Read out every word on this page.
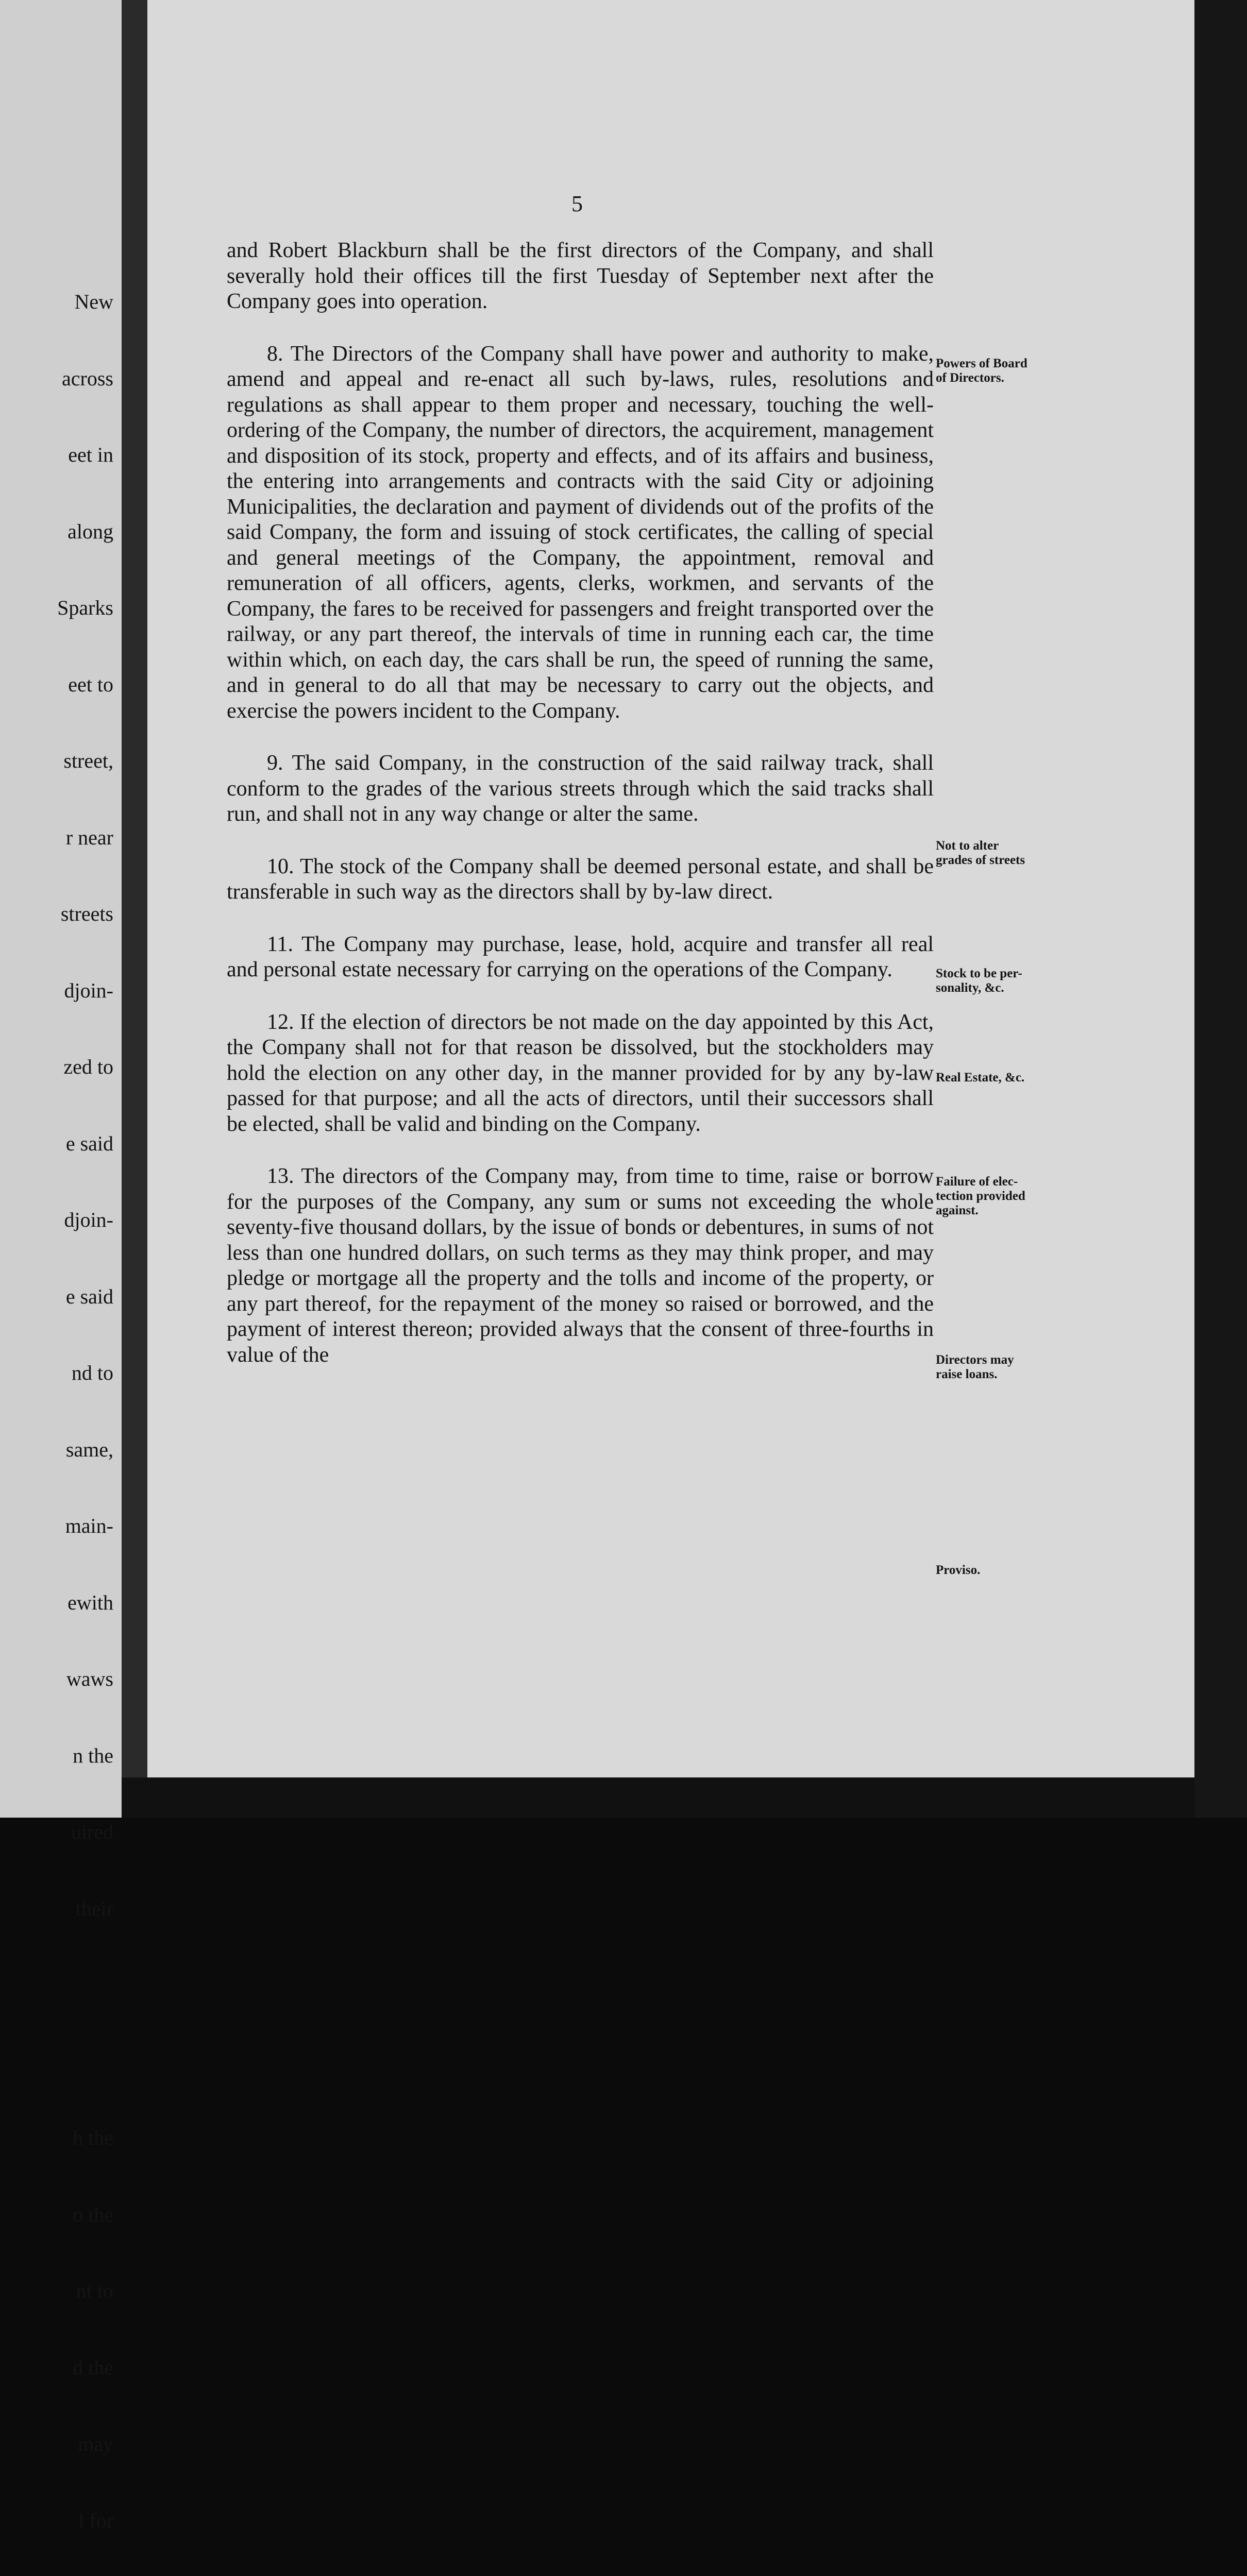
New

across

eet in

along

Sparks

eet to

street,

r near

streets

djoin-

zed to

e said

djoin-

e said

nd to

same,

main-

ewith

waws

n the

uired

their

h the

o the

nt to

d the

may

l for

5

and Robert Blackburn shall be the first directors of the Company, and shall severally hold their offices till the first Tuesday of September next after the Company goes into operation.

8. The Directors of the Company shall have power and authority to make, amend and appeal and re-enact all such by-laws, rules, resolutions and regulations as shall appear to them proper and necessary, touching the well-ordering of the Company, the number of directors, the acquirement, management and disposition of its stock, property and effects, and of its affairs and business, the entering into arrangements and contracts with the said City or adjoining Municipalities, the declaration and payment of dividends out of the profits of the said Company, the form and issuing of stock certificates, the calling of special and general meetings of the Company, the appointment, removal and remuneration of all officers, agents, clerks, workmen, and servants of the Company, the fares to be received for passengers and freight transported over the railway, or any part thereof, the intervals of time in running each car, the time within which, on each day, the cars shall be run, the speed of running the same, and in general to do all that may be necessary to carry out the objects, and exercise the powers incident to the Company.

9. The said Company, in the construction of the said railway track, shall conform to the grades of the various streets through which the said tracks shall run, and shall not in any way change or alter the same.

10. The stock of the Company shall be deemed personal estate, and shall be transferable in such way as the directors shall by by-law direct.

11. The Company may purchase, lease, hold, acquire and transfer all real and personal estate necessary for carrying on the operations of the Company.

12. If the election of directors be not made on the day appointed by this Act, the Company shall not for that reason be dissolved, but the stockholders may hold the election on any other day, in the manner provided for by any by-law passed for that purpose; and all the acts of directors, until their successors shall be elected, shall be valid and binding on the Company.

13. The directors of the Company may, from time to time, raise or borrow for the purposes of the Company, any sum or sums not exceeding the whole seventy-five thousand dollars, by the issue of bonds or debentures, in sums of not less than one hundred dollars, on such terms as they may think proper, and may pledge or mortgage all the property and the tolls and income of the property, or any part thereof, for the repayment of the money so raised or borrowed, and the payment of interest thereon; provided always that the consent of three-fourths in value of the

Powers of Board
of Directors.
Not to alter
grades of streets
Stock to be per-
sonality, &c.
Real Estate, &c.
Failure of elec-
tection provided
against.
Directors may
raise loans.
Proviso.
